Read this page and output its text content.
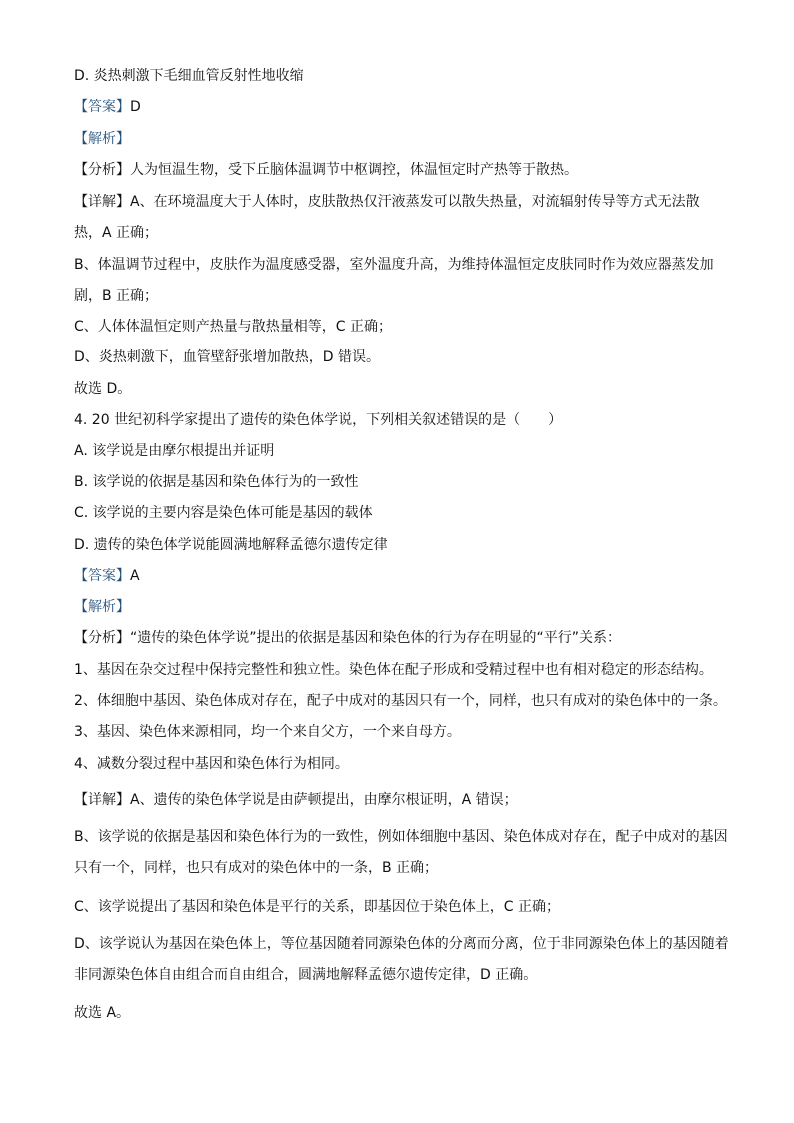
D. 炎热刺激下毛细血管反射性地收缩
【答案】D
【解析】
【分析】人为恒温生物，受下丘脑体温调节中枢调控，体温恒定时产热等于散热。
【详解】A、在环境温度大于人体时，皮肤散热仅汗液蒸发可以散失热量，对流辐射传导等方式无法散
热，A 正确；
B、体温调节过程中，皮肤作为温度感受器，室外温度升高，为维持体温恒定皮肤同时作为效应器蒸发加
剧，B 正确；
C、人体体温恒定则产热量与散热量相等，C 正确；
D、炎热刺激下，血管壁舒张增加散热，D 错误。
故选 D。
4. 20 世纪初科学家提出了遗传的染色体学说，下列相关叙述错误的是（　　）
A. 该学说是由摩尔根提出并证明
B. 该学说的依据是基因和染色体行为的一致性
C. 该学说的主要内容是染色体可能是基因的载体
D. 遗传的染色体学说能圆满地解释孟德尔遗传定律
【答案】A
【解析】
【分析】“遗传的染色体学说”提出的依据是基因和染色体的行为存在明显的“平行”关系：
1、基因在杂交过程中保持完整性和独立性。染色体在配子形成和受精过程中也有相对稳定的形态结构。
2、体细胞中基因、染色体成对存在，配子中成对的基因只有一个，同样，也只有成对的染色体中的一条。
3、基因、染色体来源相同，均一个来自父方，一个来自母方。
4、减数分裂过程中基因和染色体行为相同。
【详解】A、遗传的染色体学说是由萨顿提出，由摩尔根证明，A 错误；
B、该学说的依据是基因和染色体行为的一致性，例如体细胞中基因、染色体成对存在，配子中成对的基因
只有一个，同样，也只有成对的染色体中的一条，B 正确；
C、该学说提出了基因和染色体是平行的关系，即基因位于染色体上，C 正确；
D、该学说认为基因在染色体上，等位基因随着同源染色体的分离而分离，位于非同源染色体上的基因随着
非同源染色体自由组合而自由组合，圆满地解释孟德尔遗传定律，D 正确。
故选 A。
